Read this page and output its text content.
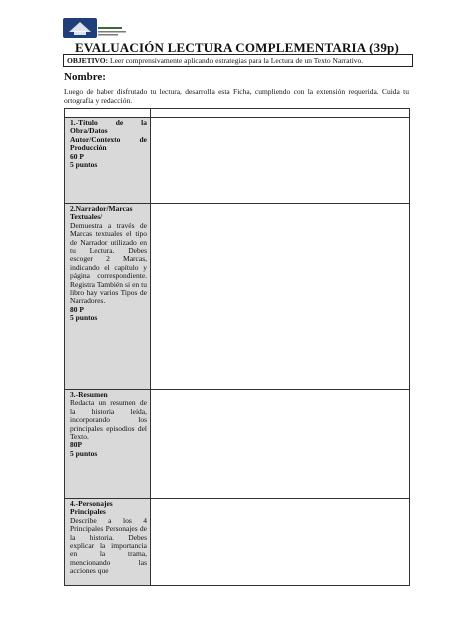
EVALUACIÓN LECTURA COMPLEMENTARIA (39p)
OBJETIVO: Leer comprensivamente aplicando estrategias para la Lectura de un Texto Narrativo.
Nombre:
Luego de haber disfrutado tu lectura, desarrolla esta Ficha, cumpliendo con la extensión requerida. Cuida tu ortografía y redacción.

1.-Título de la Obra/Datos Autor/Contexto de Producción
60 P
5 puntos	

2.Narrador/Marcas Textuales/
Demuestra a través de Marcas textuales el tipo de Narrador utilizado en tu Lectura. Debes escoger 2 Marcas, indicando el capítulo y página correspondiente. Registra También si en tu libro hay varios Tipos de Narradores.
80 P
5 puntos	

3.-Resumen
Redacta un resumen de la historia leída, incorporando los principales episodios del Texto.
80P
5 puntos	

4.-Personajes Principales
Describe a los 4 Principales Personajes de la historia. Debes explicar la importancia en la trama, mencionando las acciones que	
